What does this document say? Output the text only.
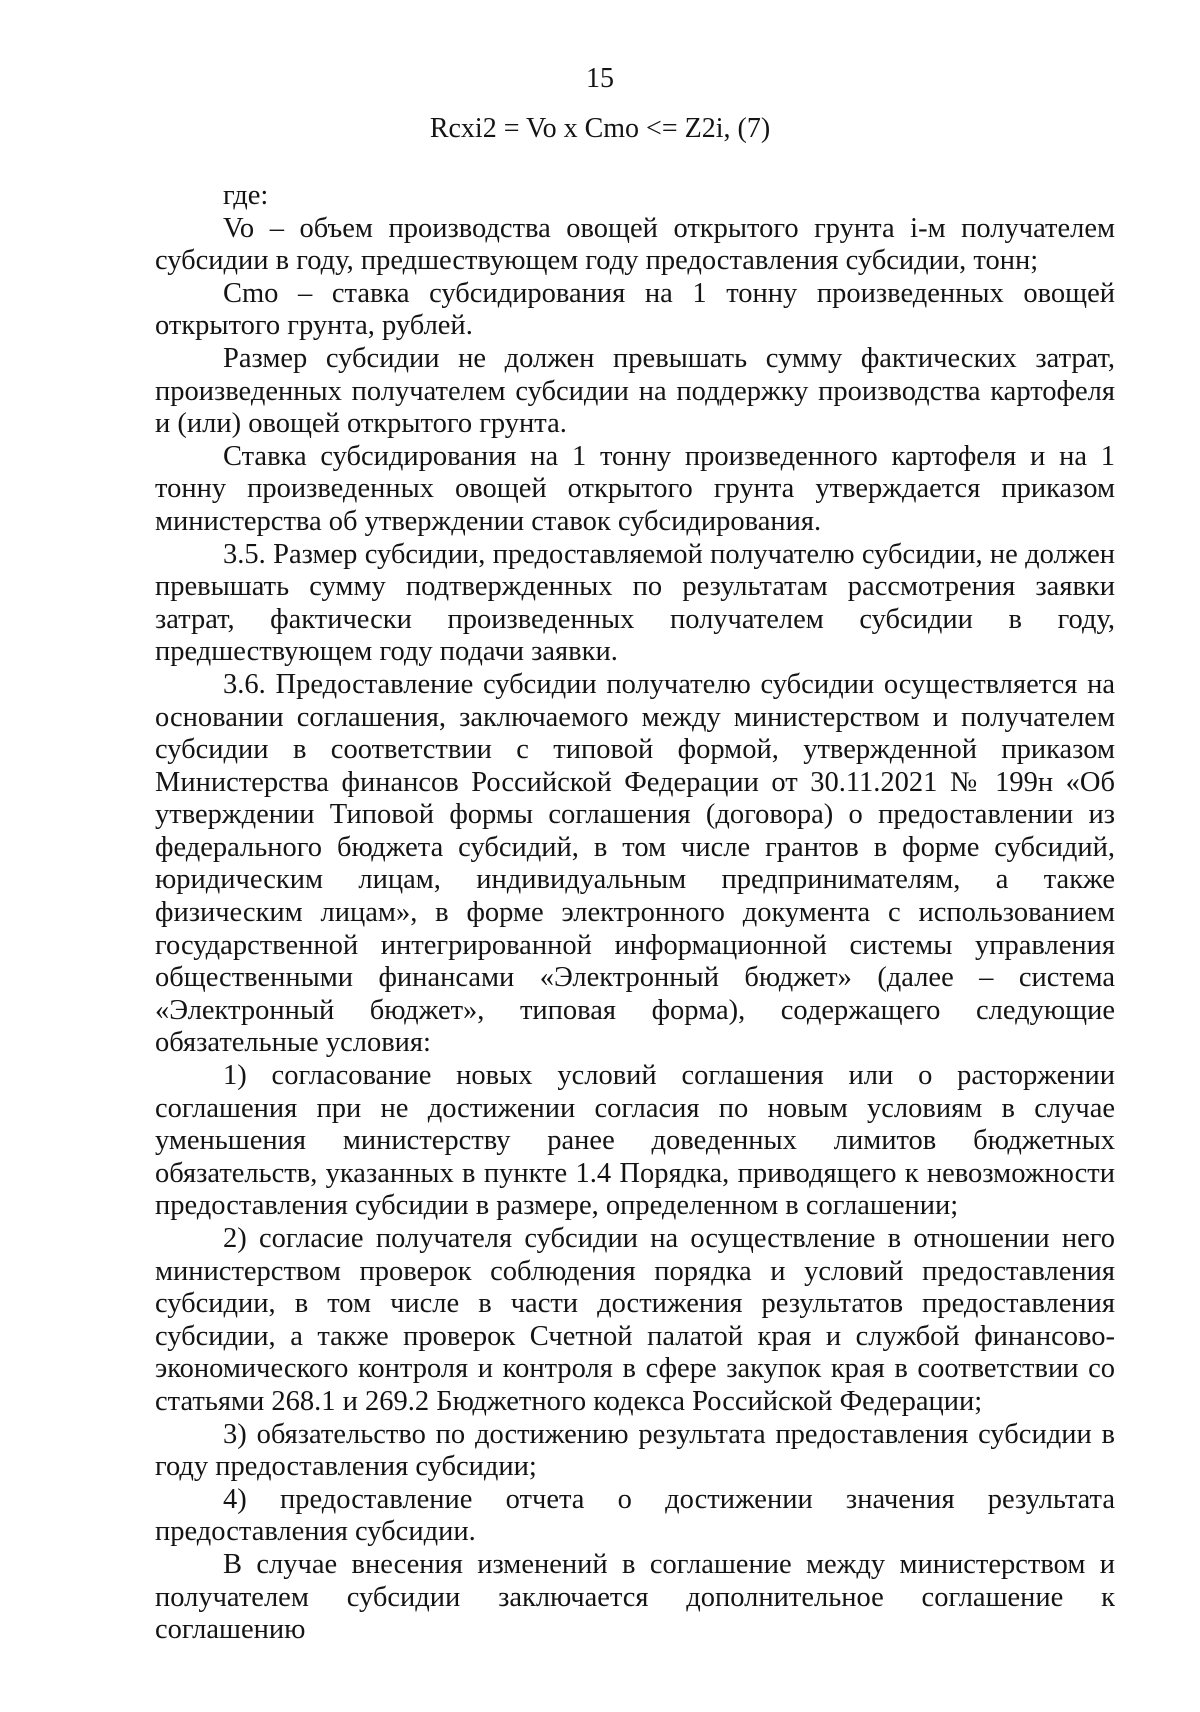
15
Rcxi2 = Vo x Cmo <= Z2i, (7)

где:

Vo – объем производства овощей открытого грунта i-м получателем субсидии в году, предшествующем году предоставления субсидии, тонн;

Cmo – ставка субсидирования на 1 тонну произведенных овощей открытого грунта, рублей.

Размер субсидии не должен превышать сумму фактических затрат, произведенных получателем субсидии на поддержку производства картофеля и (или) овощей открытого грунта.

Ставка субсидирования на 1 тонну произведенного картофеля и на 1 тонну произведенных овощей открытого грунта утверждается приказом министерства об утверждении ставок субсидирования.

3.5. Размер субсидии, предоставляемой получателю субсидии, не должен превышать сумму подтвержденных по результатам рассмотрения заявки затрат, фактически произведенных получателем субсидии в году, предшествующем году подачи заявки.

3.6. Предоставление субсидии получателю субсидии осуществляется на основании соглашения, заключаемого между министерством и получателем субсидии в соответствии с типовой формой, утвержденной приказом Министерства финансов Российской Федерации от 30.11.2021 № 199н «Об утверждении Типовой формы соглашения (договора) о предоставлении из федерального бюджета субсидий, в том числе грантов в форме субсидий, юридическим лицам, индивидуальным предпринимателям, а также физическим лицам», в форме электронного документа с использованием государственной интегрированной информационной системы управления общественными финансами «Электронный бюджет» (далее – система «Электронный бюджет», типовая форма), содержащего следующие обязательные условия:

1) согласование новых условий соглашения или о расторжении соглашения при не достижении согласия по новым условиям в случае уменьшения министерству ранее доведенных лимитов бюджетных обязательств, указанных в пункте 1.4 Порядка, приводящего к невозможности предоставления субсидии в размере, определенном в соглашении;

2) согласие получателя субсидии на осуществление в отношении него министерством проверок соблюдения порядка и условий предоставления субсидии, в том числе в части достижения результатов предоставления субсидии, а также проверок Счетной палатой края и службой финансово-экономического контроля и контроля в сфере закупок края в соответствии со статьями 268.1 и 269.2 Бюджетного кодекса Российской Федерации;

3) обязательство по достижению результата предоставления субсидии в году предоставления субсидии;

4) предоставление отчета о достижении значения результата предоставления субсидии.

В случае внесения изменений в соглашение между министерством и получателем субсидии заключается дополнительное соглашение к соглашению
